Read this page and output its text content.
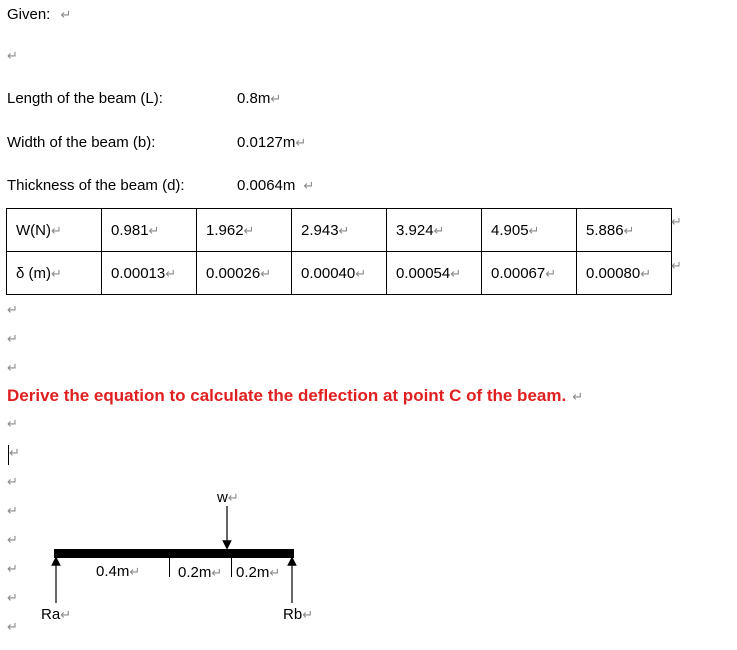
Given: ↵
↵
Length of the beam (L):	0.8m↵
Width of the beam (b):	0.0127m↵
Thickness of the beam (d):	0.0064m ↵
W(N)↵	0.981↵	1.962↵	2.943↵	3.924↵	4.905↵	5.886↵
δ (m)↵	0.00013↵	0.00026↵	0.00040↵	0.00054↵	0.00067↵	0.00080↵
↵
↵
↵
↵
↵
Derive the equation to calculate the deflection at point C of the beam. ↵
↵
↵
↵
↵
↵
↵
↵
↵
w↵
0.4m↵	0.2m↵ 0.2m↵
Ra↵	Rb↵
